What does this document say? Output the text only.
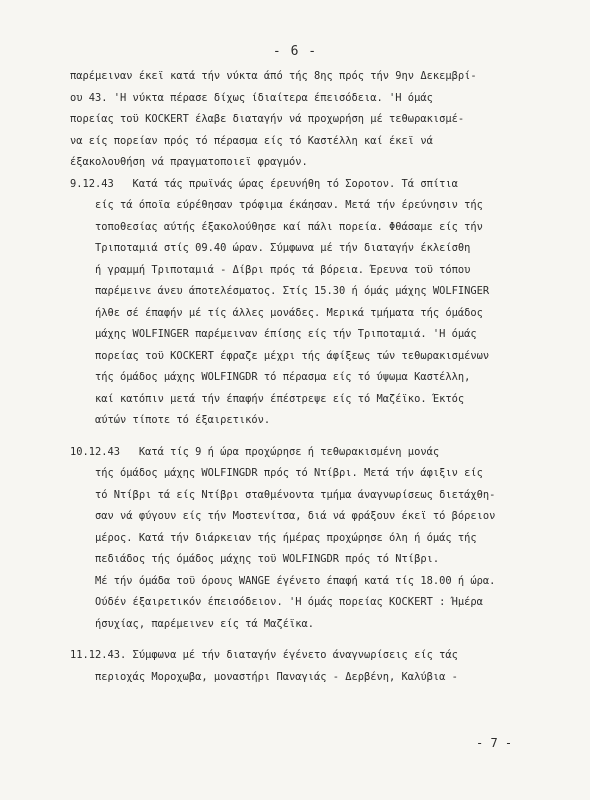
- 6 -
παρέμειναν έκεϊ κατά τήν νύκτα άπό τής 8ης πρός τήν 9ην Δεκεμβρί-
ου 43. 'Η νύκτα πέρασε δίχως ίδιαίτερα έπεισόδεια. 'Η όμάς
πορείας τοϋ KOCKERT έλαβε διαταγήν νά προχωρήση μέ τεθωρακισμέ-
να είς πορείαν πρός τό πέρασμα είς τό Καστέλλη καί έκεϊ νά
έξακολουθήση νά πραγματοποιεϊ φραγμόν.
9.12.43   Κατά τάς πρωϊνάς ώρας έρευνήθη τό Σοροτον. Τά σπίτια
είς τά όποϊα εύρέθησαν τρόφιμα έκάησαν. Μετά τήν έρεύνησιν τής
τοποθεσίας αύτής έξακολούθησε καί πάλι πορεία. Φθάσαμε είς τήν
Τριποταμιά στίς 09.40 ώραν. Σύμφωνα μέ τήν διαταγήν έκλείσθη
ή γραμμή Τριποταμιά - Δίβρι πρός τά βόρεια. Έρευνα τοϋ τόπου
παρέμεινε άνευ άποτελέσματος. Στίς 15.30 ή όμάς μάχης WOLFINGER
ήλθε σέ έπαφήν μέ τίς άλλες μονάδες. Μερικά τμήματα τής όμάδος
μάχης WOLFINGER παρέμειναν έπίσης είς τήν Τριποταμιά. 'Η όμάς
πορείας τοϋ KOCKERT έφραζε μέχρι τής άφίξεως τών τεθωρακισμένων
τής όμάδος μάχης WOLFINGDR τό πέρασμα είς τό ύψωμα Καστέλλη,
καί κατόπιν μετά τήν έπαφήν έπέστρεψε είς τό Μαζέϊκο. Έκτός
αύτών τίποτε τό έξαιρετικόν.
10.12.43   Κατά τίς 9 ή ώρα προχώρησε ή τεθωρακισμένη μονάς
τής όμάδος μάχης WOLFINGDR πρός τό Ντίβρι. Μετά τήν άφιξιν είς
τό Ντίβρι τά είς Ντίβρι σταθμένοντα τμήμα άναγνωρίσεως διετάχθη-
σαν νά φύγουν είς τήν Μοστενίτσα, διά νά φράξουν έκεϊ τό βόρειον
μέρος. Κατά τήν διάρκειαν τής ήμέρας προχώρησε όλη ή όμάς τής
πεδιάδος τής όμάδος μάχης τοϋ WOLFINGDR πρός τό Ντίβρι.
Μέ τήν όμάδα τοϋ όρους WANGE έγένετο έπαφή κατά τίς 18.00 ή ώρα.
Ούδέν έξαιρετικόν έπεισόδειον. 'Η όμάς πορείας KOCKERT : Ήμέρα
ήσυχίας, παρέμεινεν είς τά Μαζέϊκα.
11.12.43. Σύμφωνα μέ τήν διαταγήν έγένετο άναγνωρίσεις είς τάς
περιοχάς Μοροχωβα, μοναστήρι Παναγιάς - Δερβένη, Καλύβια -
- 7 -
